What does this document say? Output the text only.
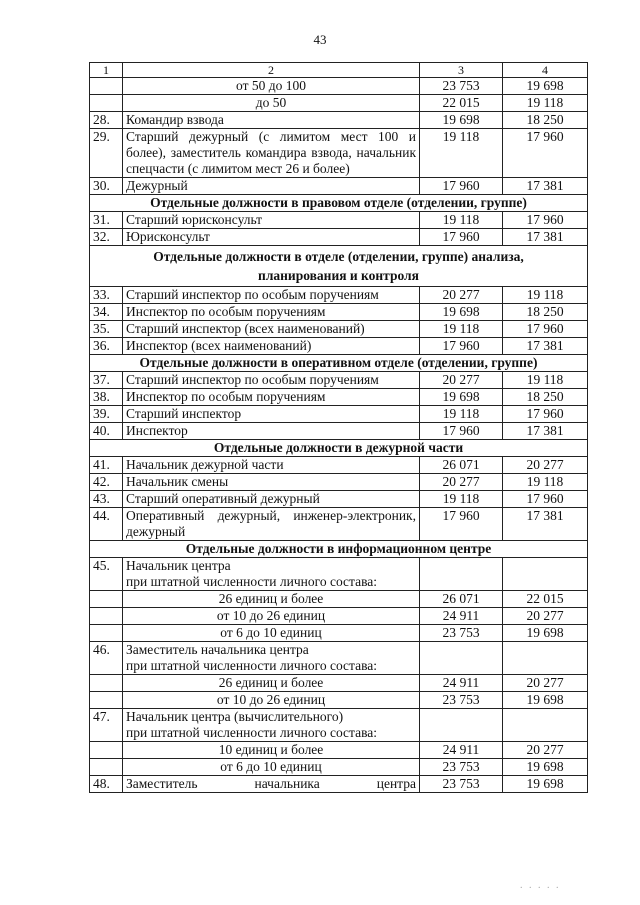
43
1	2	3	4
	от 50 до 100	23 753	19 698
	до 50	22 015	19 118
28.	Командир взвода	19 698	18 250
29.	Старший дежурный (с лимитом мест 100 и более), заместитель командира взвода, начальник спецчасти (с лимитом мест 26 и более)	19 118	17 960
30.	Дежурный	17 960	17 381
Отдельные должности в правовом отделе (отделении, группе)			
31.	Старший юрисконсульт	19 118	17 960
32.	Юрисконсульт	17 960	17 381
Отдельные должности в отделе (отделении, группе) анализа, планирования и контроля			
33.	Старший инспектор по особым поручениям	20 277	19 118
34.	Инспектор по особым поручениям	19 698	18 250
35.	Старший инспектор (всех наименований)	19 118	17 960
36.	Инспектор (всех наименований)	17 960	17 381
Отдельные должности в оперативном отделе (отделении, группе)			
37.	Старший инспектор по особым поручениям	20 277	19 118
38.	Инспектор по особым поручениям	19 698	18 250
39.	Старший инспектор	19 118	17 960
40.	Инспектор	17 960	17 381
Отдельные должности в дежурной части			
41.	Начальник дежурной части	26 071	20 277
42.	Начальник смены	20 277	19 118
43.	Старший оперативный дежурный	19 118	17 960
44.	Оперативный дежурный, инженер-электроник, дежурный	17 960	17 381
Отдельные должности в информационном центре			
45.	Начальник центра
при штатной численности личного состава:		

	26 единиц и более	26 071	22 015
	от 10 до 26 единиц	24 911	20 277
	от 6 до 10 единиц	23 753	19 698
46.	Заместитель начальника центра
при штатной численности личного состава:		

	26 единиц и более	24 911	20 277
	от 10 до 26 единиц	23 753	19 698
47.	Начальник центра (вычислительного)
при штатной численности личного состава:		

	10 единиц и более	24 911	20 277
	от 6 до 10 единиц	23 753	19 698
48.	Заместитель начальника центра	23 753	19 698
. . . . .
